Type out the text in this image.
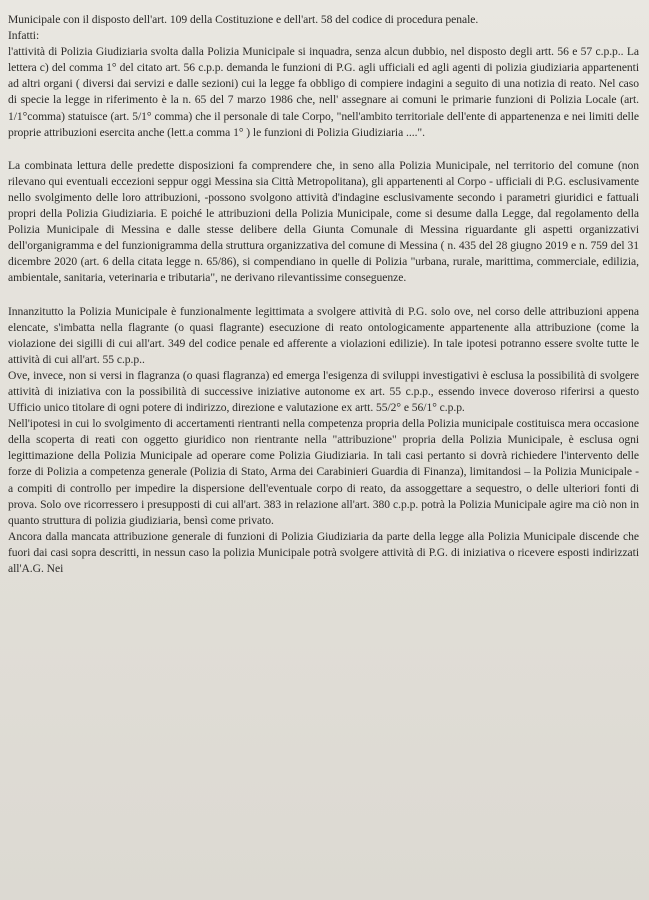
Municipale con il disposto dell'art. 109 della Costituzione e dell'art. 58 del codice di procedura penale.

Infatti:

l'attività di Polizia Giudiziaria svolta dalla Polizia Municipale si inquadra, senza alcun dubbio, nel disposto degli artt. 56 e 57 c.p.p.. La lettera c) del comma 1° del citato art. 56 c.p.p. demanda le funzioni di P.G. agli ufficiali ed agli agenti di polizia giudiziaria appartenenti ad altri organi ( diversi dai servizi e dalle sezioni) cui la legge fa obbligo di compiere indagini a seguito di una notizia di reato. Nel caso di specie la legge in riferimento è la n. 65 del 7 marzo 1986 che, nell' assegnare ai comuni le primarie funzioni di Polizia Locale (art. 1/1°comma) statuisce (art. 5/1° comma) che il personale di tale Corpo, "nell'ambito territoriale dell'ente di appartenenza e nei limiti delle proprie attribuzioni esercita anche (lett.a comma 1° ) le funzioni di Polizia Giudiziaria ....".

La combinata lettura delle predette disposizioni fa comprendere che, in seno alla Polizia Municipale, nel territorio del comune (non rilevano qui eventuali eccezioni seppur oggi Messina sia Città Metropolitana), gli appartenenti al Corpo - ufficiali di P.G. esclusivamente nello svolgimento delle loro attribuzioni, -possono svolgono attività d'indagine esclusivamente secondo i parametri giuridici e fattuali propri della Polizia Giudiziaria. E poiché le attribuzioni della Polizia Municipale, come si desume dalla Legge, dal regolamento della Polizia Municipale di Messina e dalle stesse delibere della Giunta Comunale di Messina riguardante gli aspetti organizzativi dell'organigramma e del funzionigramma della struttura organizzativa del comune di Messina ( n. 435 del 28 giugno 2019 e n. 759 del 31 dicembre 2020 (art. 6 della citata legge n. 65/86), si compendiano in quelle di Polizia "urbana, rurale, marittima, commerciale, edilizia, ambientale, sanitaria, veterinaria e tributaria", ne derivano rilevantissime conseguenze.

Innanzitutto la Polizia Municipale è funzionalmente legittimata a svolgere attività di P.G. solo ove, nel corso delle attribuzioni appena elencate, s'imbatta nella flagrante (o quasi flagrante) esecuzione di reato ontologicamente appartenente alla attribuzione (come la violazione dei sigilli di cui all'art. 349 del codice penale ed afferente a violazioni edilizie). In tale ipotesi potranno essere svolte tutte le attività di cui all'art. 55 c.p.p..

Ove, invece, non si versi in flagranza (o quasi flagranza) ed emerga l'esigenza di sviluppi investigativi è esclusa la possibilità di svolgere attività di iniziativa con la possibilità di successive iniziative autonome ex art. 55 c.p.p., essendo invece doveroso riferirsi a questo Ufficio unico titolare di ogni potere di indirizzo, direzione e valutazione ex artt. 55/2° e 56/1° c.p.p.

Nell'ipotesi in cui lo svolgimento di accertamenti rientranti nella competenza propria della Polizia municipale costituisca mera occasione della scoperta di reati con oggetto giuridico non rientrante nella "attribuzione" propria della Polizia Municipale, è esclusa ogni legittimazione della Polizia Municipale ad operare come Polizia Giudiziaria. In tali casi pertanto si dovrà richiedere l'intervento delle forze di Polizia a competenza generale (Polizia di Stato, Arma dei Carabinieri Guardia di Finanza), limitandosi – la Polizia Municipale - a compiti di controllo per impedire la dispersione dell'eventuale corpo di reato, da assoggettare a sequestro, o delle ulteriori fonti di prova. Solo ove ricorressero i presupposti di cui all'art. 383 in relazione all'art. 380 c.p.p. potrà la Polizia Municipale agire ma ciò non in quanto struttura di polizia giudiziaria, bensì come privato.

Ancora dalla mancata attribuzione generale di funzioni di Polizia Giudiziaria da parte della legge alla Polizia Municipale discende che fuori dai casi sopra descritti, in nessun caso la polizia Municipale potrà svolgere attività di P.G. di iniziativa o ricevere esposti indirizzati all'A.G. Nei
